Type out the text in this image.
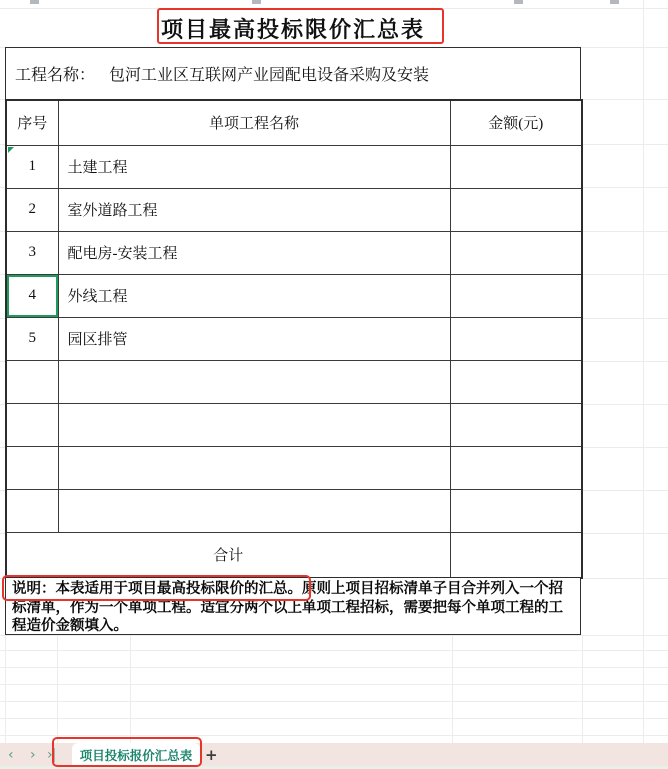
项目最高投标限价汇总表
工程名称： 包河工业区互联网产业园配电设备采购及安装
序号	单项工程名称	金额(元)

1	土建工程	
2	室外道路工程	
3	配电房-安装工程	
4	外线工程	
5	园区排管	

合计		
说明：本表适用于项目最高投标限价的汇总。原则上项目招标清单子目合并列入一个招标清单，作为一个单项工程。适宜分两个以上单项工程招标，需要把每个单项工程的工程造价金额填入。
‹ › ›|	项目投标报价汇总表 +
